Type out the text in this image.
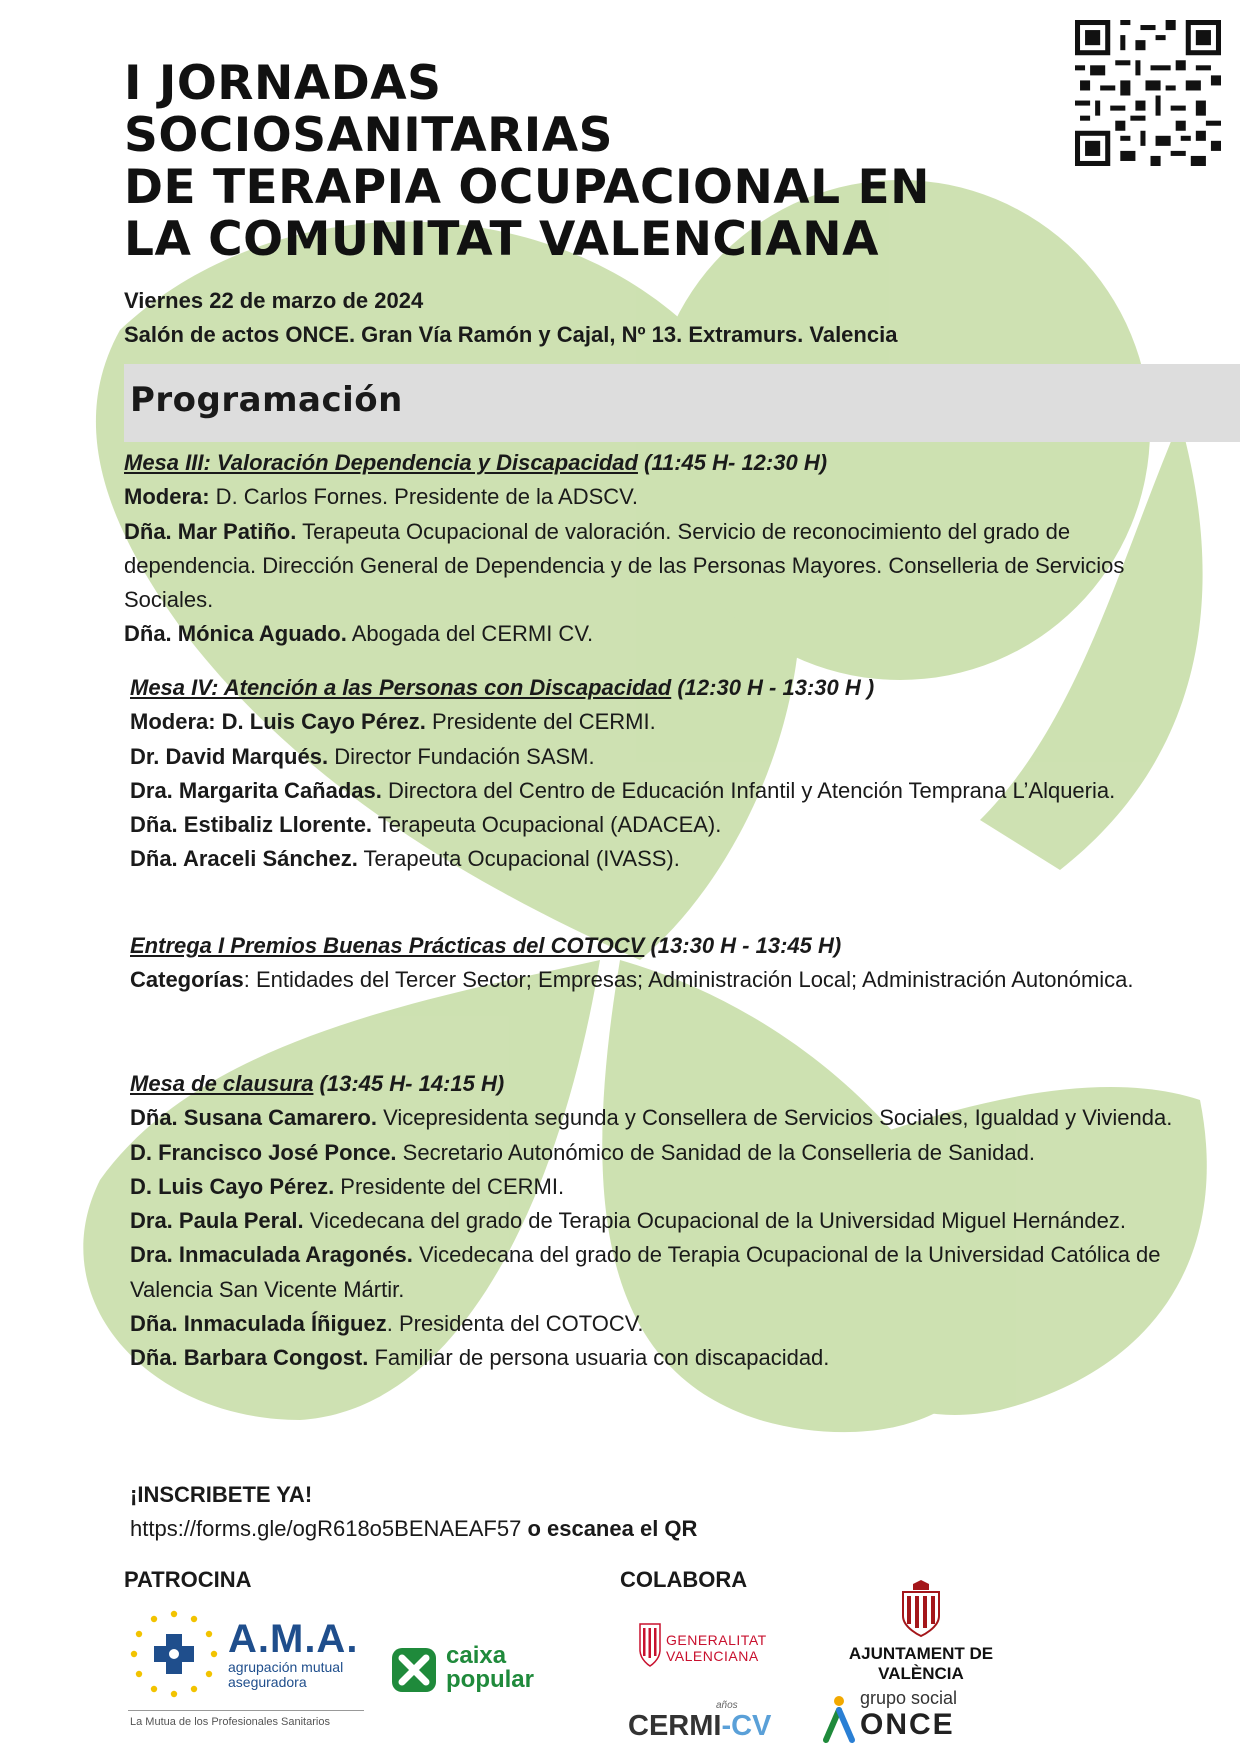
I JORNADAS
SOCIOSANITARIAS
DE TERAPIA OCUPACIONAL EN
LA COMUNITAT VALENCIANA
Viernes 22 de marzo de 2024
Salón de actos ONCE. Gran Vía Ramón y Cajal, Nº 13. Extramurs. Valencia
Programación

Mesa III: Valoración Dependencia y Discapacidad (11:45 H- 12:30 H)

Modera: D. Carlos Fornes. Presidente de la ADSCV.

Dña. Mar Patiño. Terapeuta Ocupacional de valoración. Servicio de reconocimiento del grado de dependencia. Dirección General de Dependencia y de las Personas Mayores. Conselleria de Servicios Sociales.

Dña. Mónica Aguado. Abogada del CERMI CV.

Mesa IV: Atención a las Personas con Discapacidad (12:30 H - 13:30 H )

Modera: D. Luis Cayo Pérez. Presidente del CERMI.

Dr. David Marqués. Director Fundación SASM.

Dra. Margarita Cañadas. Directora del Centro de Educación Infantil y Atención Temprana L’Alqueria.

Dña. Estibaliz Llorente. Terapeuta Ocupacional (ADACEA).

Dña. Araceli Sánchez. Terapeuta Ocupacional (IVASS).

Entrega I Premios Buenas Prácticas del COTOCV (13:30 H - 13:45 H)

Categorías: Entidades del Tercer Sector; Empresas; Administración Local; Administración Autonómica.

Mesa de clausura (13:45 H- 14:15 H)

Dña. Susana Camarero. Vicepresidenta segunda y Consellera de Servicios Sociales, Igualdad y Vivienda.

D. Francisco José Ponce. Secretario Autonómico de Sanidad de la Conselleria de Sanidad.

D. Luis Cayo Pérez. Presidente del CERMI.

Dra. Paula Peral. Vicedecana del grado de Terapia Ocupacional de la Universidad Miguel Hernández.

Dra. Inmaculada Aragonés. Vicedecana del grado de Terapia Ocupacional de la Universidad Católica de Valencia San Vicente Mártir.

Dña. Inmaculada Íñiguez. Presidenta del COTOCV.

Dña. Barbara Congost. Familiar de persona usuaria con discapacidad.

¡INSCRIBETE YA!
https://forms.gle/ogR618o5BENAEAF57 o escanea el QR
PATROCINA	COLABORA
A.M.A.
agrupación mutual
aseguradora
La Mutua de los Profesionales Sanitarios
caixa
popular
GENERALITAT
VALENCIANA	AJUNTAMENT DE VALÈNCIA
años
CERMI-CV
grupo social
ONCE
